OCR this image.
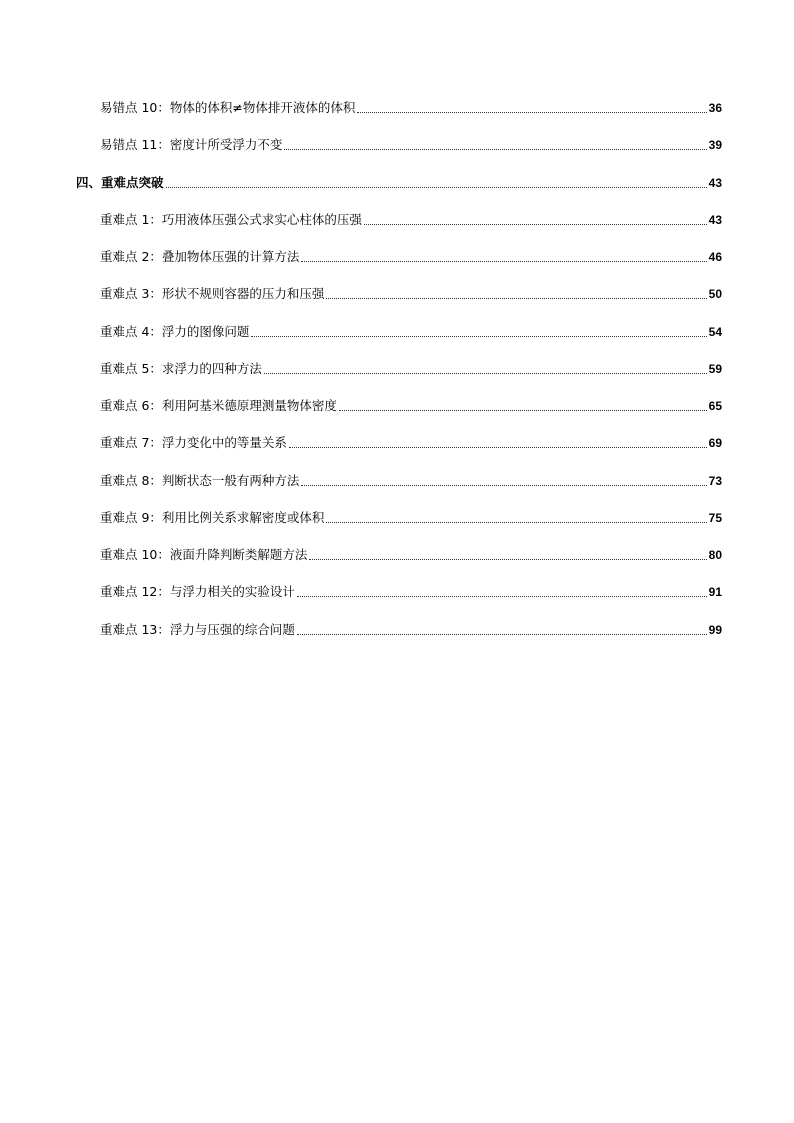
易错点 10：物体的体积≠物体排开液体的体积	36
易错点 11：密度计所受浮力不变	39
四、重难点突破	43
重难点 1：巧用液体压强公式求实心柱体的压强	43
重难点 2：叠加物体压强的计算方法	46
重难点 3：形状不规则容器的压力和压强	50
重难点 4：浮力的图像问题	54
重难点 5：求浮力的四种方法	59
重难点 6：利用阿基米德原理测量物体密度	65
重难点 7：浮力变化中的等量关系	69
重难点 8：判断状态一般有两种方法	73
重难点 9：利用比例关系求解密度或体积	75
重难点 10：液面升降判断类解题方法	80
重难点 12：与浮力相关的实验设计	91
重难点 13：浮力与压强的综合问题	99
